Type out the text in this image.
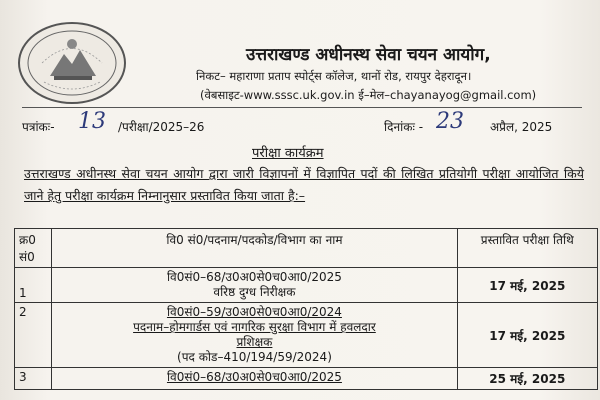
उत्तराखण्ड अधीनस्थ सेवा चयन आयोग,
निकट– महाराणा प्रताप स्पोर्ट्स कॉलेज, थानों रोड, रायपुर देहरादून।
(वेबसाइट-www.sssc.uk.gov.in ई–मेल–chayanayog@gmail.com)
पत्रांकः- 13 /परीक्षा/2025–26	दिनांकः - 23 अप्रैल, 2025
परीक्षा कार्यक्रम
उत्तराखण्ड अधीनस्थ सेवा चयन आयोग द्वारा जारी विज्ञापनों में विज्ञापित पदों की लिखित प्रतियोगी परीक्षा आयोजित किये जाने हेतु परीक्षा कार्यक्रम निम्नानुसार प्रस्तावित किया जाता है:–
क्र0 सं0	वि0 सं0/पदनाम/पदकोड/विभाग का नाम	प्रस्तावित परीक्षा तिथि
1	वि0सं0–68/उ0अ0से0च0आ0/2025
वरिष्ठ दुग्ध निरीक्षक	17 मई, 2025
2	वि0सं0–59/उ0अ0से0च0आ0/2024
पदनाम–होमगार्डस एवं नागरिक सुरक्षा विभाग में हवलदार
प्रशिक्षक
(पद कोड–410/194/59/2024)	17 मई, 2025
3	वि0सं0–68/उ0अ0से0च0आ0/2025	25 मई, 2025
